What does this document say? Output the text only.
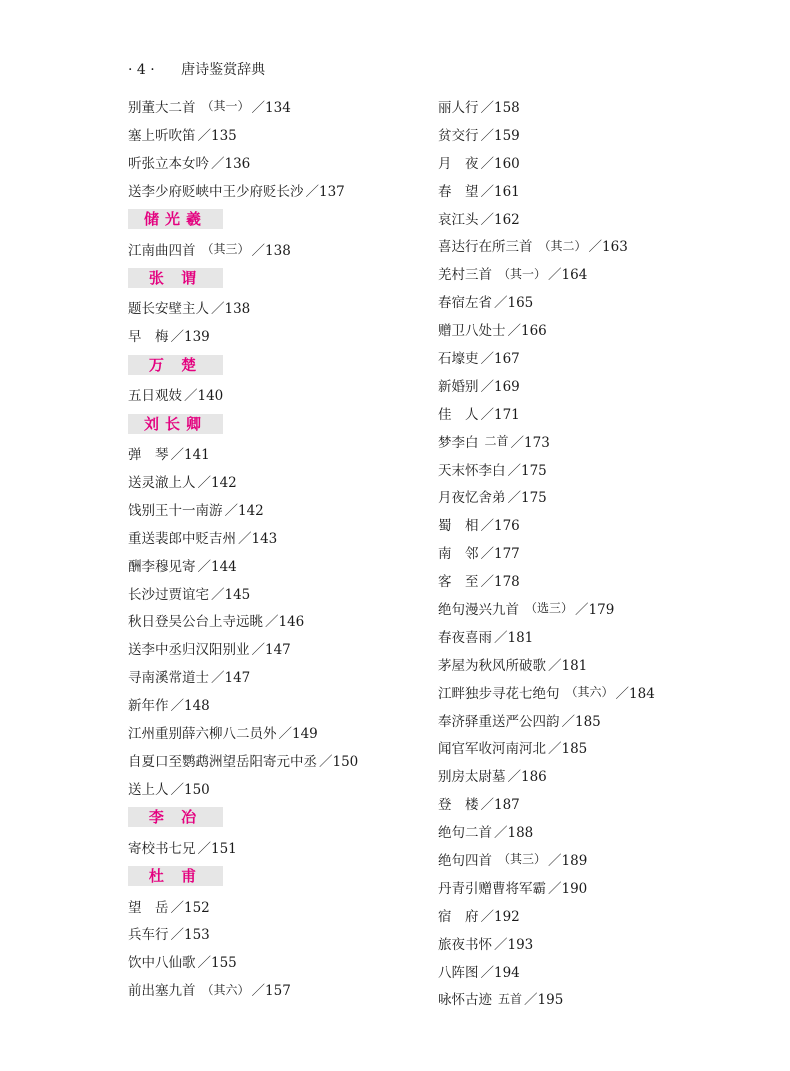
· 4 · 唐诗鉴赏辞典
别董大二首 （其一） ／134
塞上听吹笛 ／135
听张立本女吟 ／136
送李少府贬峡中王少府贬长沙 ／137
储光羲
江南曲四首 （其三） ／138
张 谓
题长安壁主人 ／138
早　梅 ／139
万 楚
五日观妓 ／140
刘长卿
弹　琴 ／141
送灵澈上人 ／142
饯别王十一南游 ／142
重送裴郎中贬吉州 ／143
酬李穆见寄 ／144
长沙过贾谊宅 ／145
秋日登吴公台上寺远眺 ／146
送李中丞归汉阳别业 ／147
寻南溪常道士 ／147
新年作 ／148
江州重别薛六柳八二员外 ／149
自夏口至鹦鹉洲望岳阳寄元中丞 ／150
送上人 ／150
李 冶
寄校书七兄 ／151
杜 甫
望　岳 ／152
兵车行 ／153
饮中八仙歌 ／155
前出塞九首 （其六） ／157
丽人行 ／158
贫交行 ／159
月　夜 ／160
春　望 ／161
哀江头 ／162
喜达行在所三首 （其二） ／163
羌村三首 （其一） ／164
春宿左省 ／165
赠卫八处士 ／166
石壕吏 ／167
新婚别 ／169
佳　人 ／171
梦李白 二首 ／173
天末怀李白 ／175
月夜忆舍弟 ／175
蜀　相 ／176
南　邻 ／177
客　至 ／178
绝句漫兴九首 （选三） ／179
春夜喜雨 ／181
茅屋为秋风所破歌 ／181
江畔独步寻花七绝句 （其六） ／184
奉济驿重送严公四韵 ／185
闻官军收河南河北 ／185
别房太尉墓 ／186
登　楼 ／187
绝句二首 ／188
绝句四首 （其三） ／189
丹青引赠曹将军霸 ／190
宿　府 ／192
旅夜书怀 ／193
八阵图 ／194
咏怀古迹 五首 ／195
